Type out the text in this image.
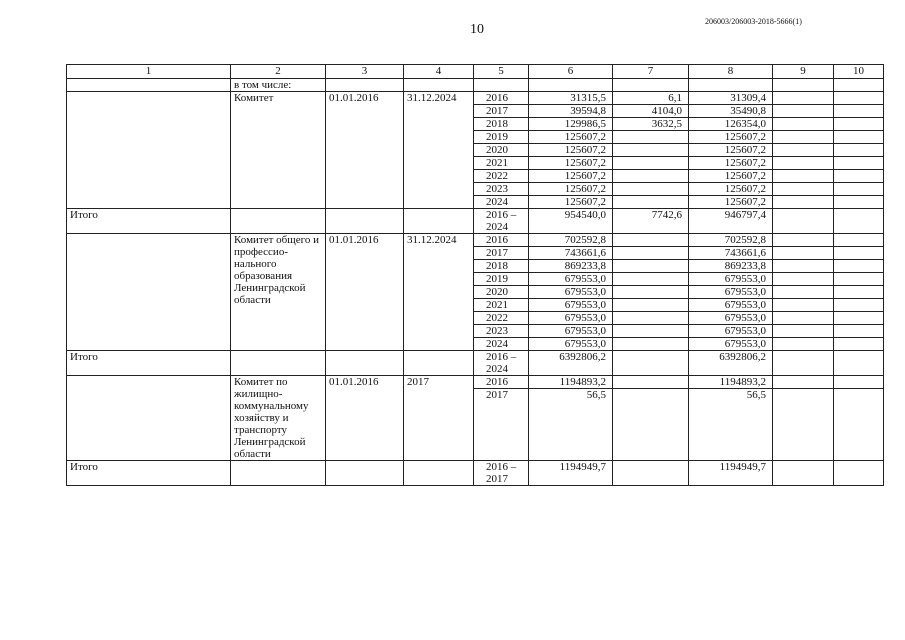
10
206003/206003-2018-5666(1)
1	2	3	4	5	6	7	8	9	10
	в том числе:								
	Комитет	01.01.2016	31.12.2024	2016	31315,5	6,1	31309,4		
				2017	39594,8	4104,0	35490,8		
				2018	129986,5	3632,5	126354,0		
				2019	125607,2		125607,2		
				2020	125607,2		125607,2		
				2021	125607,2		125607,2		
				2022	125607,2		125607,2		
				2023	125607,2		125607,2		
				2024	125607,2		125607,2		
Итого				2016 – 2024	954540,0	7742,6	946797,4		
	Комитет общего и профессио-нального образования Ленинградской области	01.01.2016	31.12.2024	2016	702592,8		702592,8		
				2017	743661,6		743661,6		
				2018	869233,8		869233,8		
				2019	679553,0		679553,0		
				2020	679553,0		679553,0		
				2021	679553,0		679553,0		
				2022	679553,0		679553,0		
				2023	679553,0		679553,0		
				2024	679553,0		679553,0		
Итого				2016 – 2024	6392806,2		6392806,2		
	Комитет по жилищно-коммунальному хозяйству и транспорту Ленинградской области	01.01.2016	2017	2016	1194893,2		1194893,2		
				2017	56,5		56,5		
Итого				2016 – 2017	1194949,7		1194949,7		
